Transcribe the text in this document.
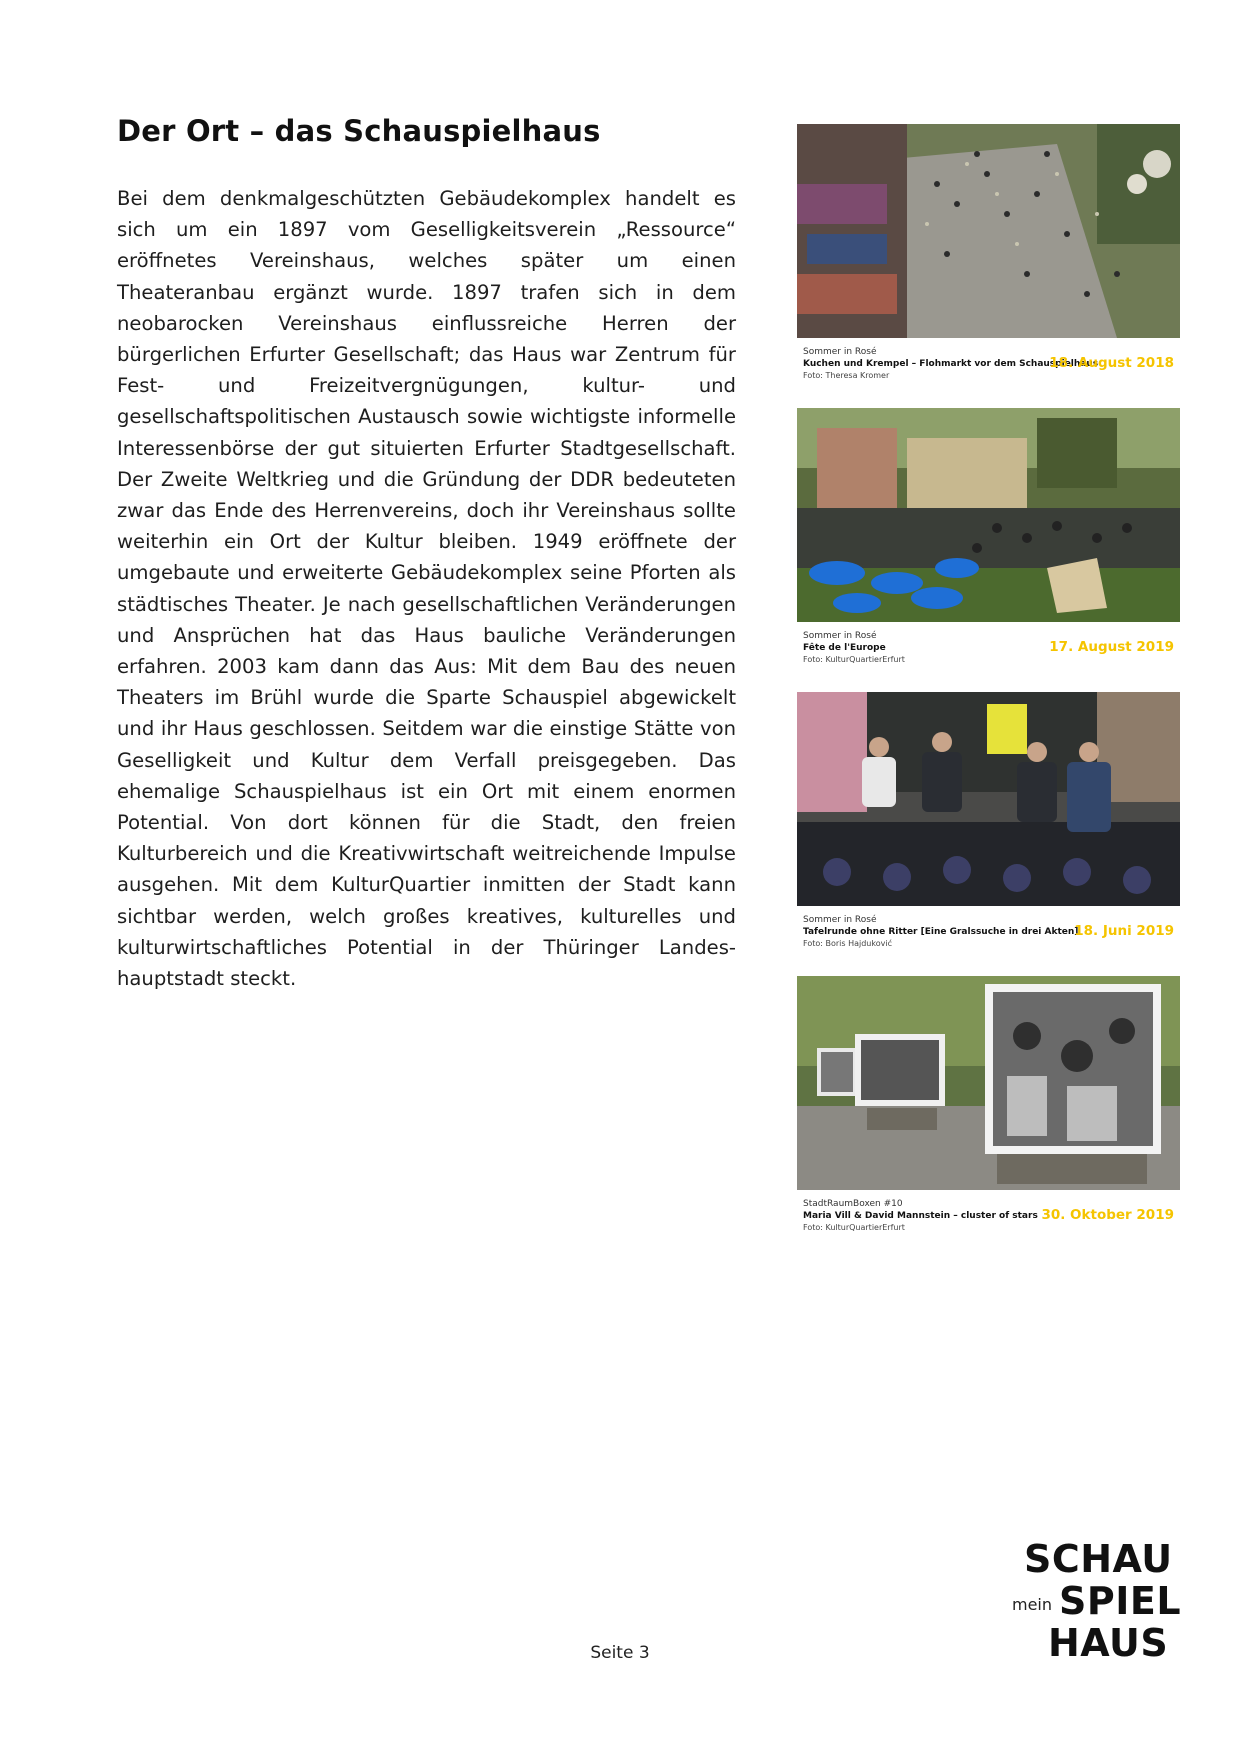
Der Ort – das Schauspielhaus

Bei dem denkmalgeschützten Gebäudekomplex handelt es sich um ein 1897 vom Geselligkeitsverein „Ressource“ eröffnetes Vereinshaus, welches später um einen Theateranbau ergänzt wurde. 1897 trafen sich in dem neobarocken Vereinshaus einflussreiche Herren der bürgerlichen Erfurter Gesellschaft; das Haus war Zentrum für Fest- und Freizeitvergnügungen, kultur- und gesellschaftspolitischen Austausch sowie wichtigste informelle Interessenbörse der gut situierten Erfurter Stadtgesellschaft. Der Zweite Weltkrieg und die Gründung der DDR bedeuteten zwar das Ende des Herrenvereins, doch ihr Vereinshaus sollte weiterhin ein Ort der Kultur bleiben. 1949 eröffnete der umgebaute und erweiterte Gebäudekomplex seine Pforten als städtisches Theater. Je nach gesellschaftlichen Veränderungen und Ansprüchen hat das Haus bauliche Veränderungen erfahren. 2003 kam dann das Aus: Mit dem Bau des neuen Theaters im Brühl wurde die Sparte Schauspiel abgewickelt und ihr Haus geschlossen. Seitdem war die einstige Stätte von Geselligkeit und Kultur dem Verfall preisgegeben. Das ehemalige Schauspielhaus ist ein Ort mit einem enormen Potential. Von dort können für die Stadt, den freien Kulturbereich und die Kreativwirtschaft weitreichende Impulse ausgehen. Mit dem KulturQuartier inmitten der Stadt kann sichtbar werden, welch großes kreatives, kulturelles und kulturwirtschaftliches Potential in der Thüringer Landeshauptstadt steckt.

Sommer in Rosé
Kuchen und Krempel – Flohmarkt vor dem Schauspielhaus
Foto: Theresa Kromer
18. August 2018
Sommer in Rosé
Fête de l'Europe
Foto: KulturQuartierErfurt
17. August 2019
Sommer in Rosé
Tafelrunde ohne Ritter [Eine Gralssuche in drei Akten]
Foto: Boris Hajduković
18. Juni 2019
StadtRaumBoxen #10
Maria Vill & David Mannstein – cluster of stars
Foto: KulturQuartierErfurt
30. Oktober 2019
Seite 3
SCHAU
mein SPIEL
HAUS
